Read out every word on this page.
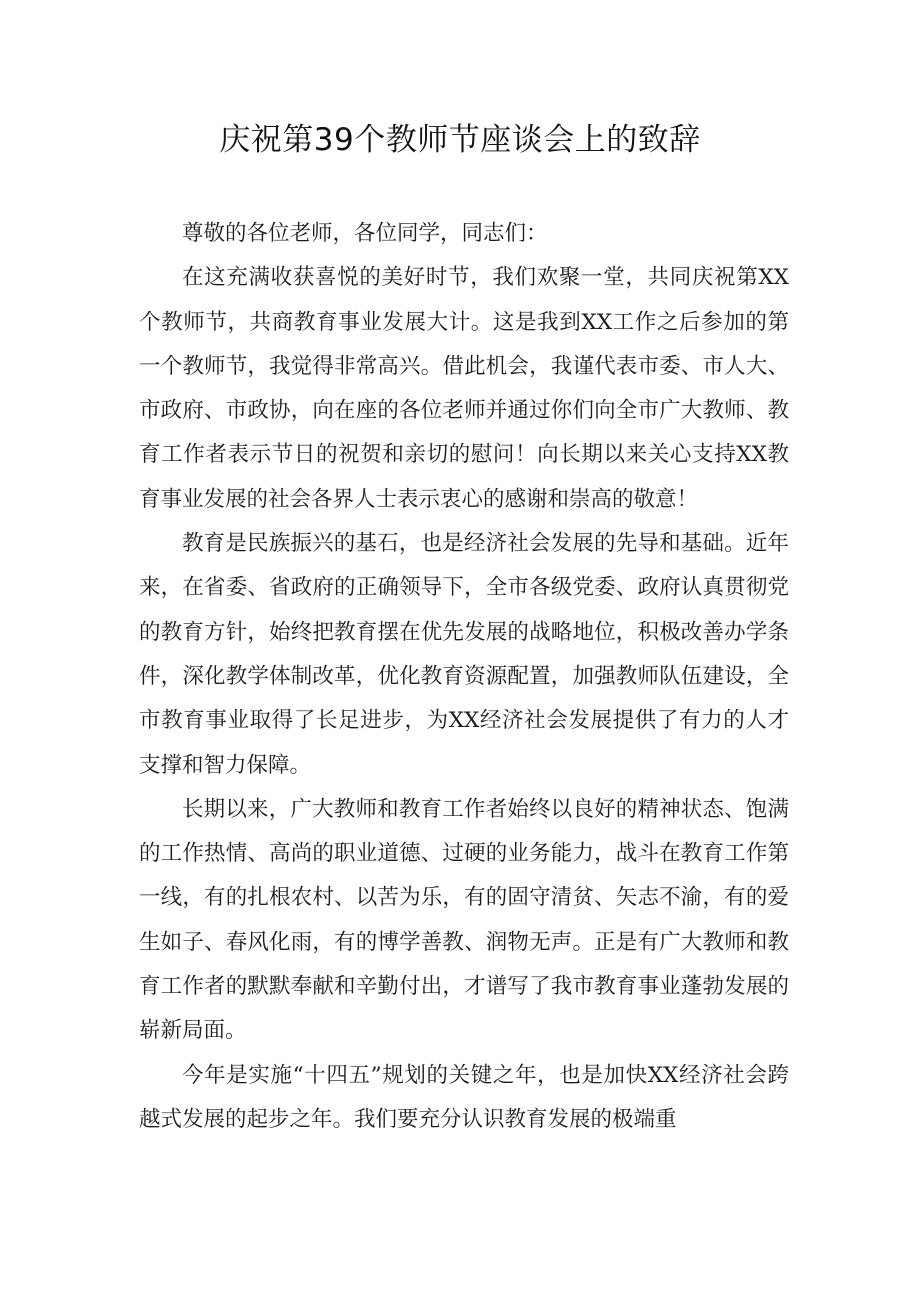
庆祝第39个教师节座谈会上的致辞

尊敬的各位老师，各位同学，同志们：

在这充满收获喜悦的美好时节，我们欢聚一堂，共同庆祝第XX个教师节，共商教育事业发展大计。这是我到XX工作之后参加的第一个教师节，我觉得非常高兴。借此机会，我谨代表市委、市人大、市政府、市政协，向在座的各位老师并通过你们向全市广大教师、教育工作者表示节日的祝贺和亲切的慰问！向长期以来关心支持XX教育事业发展的社会各界人士表示衷心的感谢和崇高的敬意！

教育是民族振兴的基石，也是经济社会发展的先导和基础。近年来，在省委、省政府的正确领导下，全市各级党委、政府认真贯彻党的教育方针，始终把教育摆在优先发展的战略地位，积极改善办学条件，深化教学体制改革，优化教育资源配置，加强教师队伍建设，全市教育事业取得了长足进步，为XX经济社会发展提供了有力的人才支撑和智力保障。

长期以来，广大教师和教育工作者始终以良好的精神状态、饱满的工作热情、高尚的职业道德、过硬的业务能力，战斗在教育工作第一线，有的扎根农村、以苦为乐，有的固守清贫、矢志不渝，有的爱生如子、春风化雨，有的博学善教、润物无声。正是有广大教师和教育工作者的默默奉献和辛勤付出，才谱写了我市教育事业蓬勃发展的崭新局面。

今年是实施“十四五”规划的关键之年，也是加快XX经济社会跨越式发展的起步之年。我们要充分认识教育发展的极端重
